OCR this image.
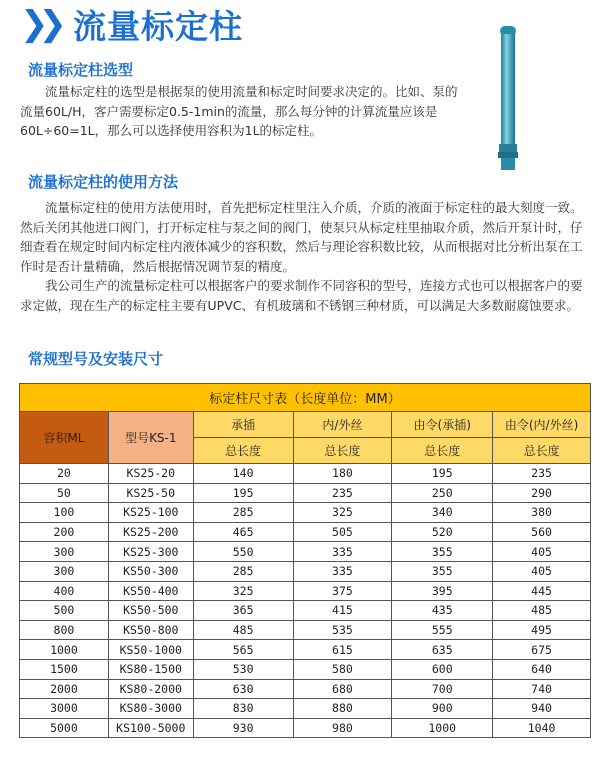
❯❯ 流量标定柱
流量标定柱选型

流量标定柱的选型是根据泵的使用流量和标定时间要求决定的。比如、泵的流量60L/H，客户需要标定0.5-1min的流量，那么每分钟的计算流量应该是60L÷60=1L，那么可以选择使用容积为1L的标定柱。

流量标定柱的使用方法

流量标定柱的使用方法使用时，首先把标定柱里注入介质，介质的液面于标定柱的最大刻度一致。然后关闭其他进口阀门，打开标定柱与泵之间的阀门，使泵只从标定柱里抽取介质，然后开泵计时，仔细查看在规定时间内标定柱内液体减少的容积数，然后与理论容积数比较，从而根据对比分析出泵在工作时是否计量精确，然后根据情况调节泵的精度。

我公司生产的流量标定柱可以根据客户的要求制作不同容积的型号，连接方式也可以根据客户的要求定做，现在生产的标定柱主要有UPVC、有机玻璃和不锈钢三种材质，可以满足大多数耐腐蚀要求。

常规型号及安装尺寸
标定柱尺寸表（长度单位：MM）					
容积ML	型号KS-1	承插	内/外丝	由令(承插)	由令(内/外丝)
		总长度	总长度	总长度	总长度
20	KS25-20	140	180	195	235
50	KS25-50	195	235	250	290
100	KS25-100	285	325	340	380
200	KS25-200	465	505	520	560
300	KS25-300	550	335	355	405
300	KS50-300	285	335	355	405
400	KS50-400	325	375	395	445
500	KS50-500	365	415	435	485
800	KS50-800	485	535	555	495
1000	KS50-1000	565	615	635	675
1500	KS80-1500	530	580	600	640
2000	KS80-2000	630	680	700	740
3000	KS80-3000	830	880	900	940
5000	KS100-5000	930	980	1000	1040
